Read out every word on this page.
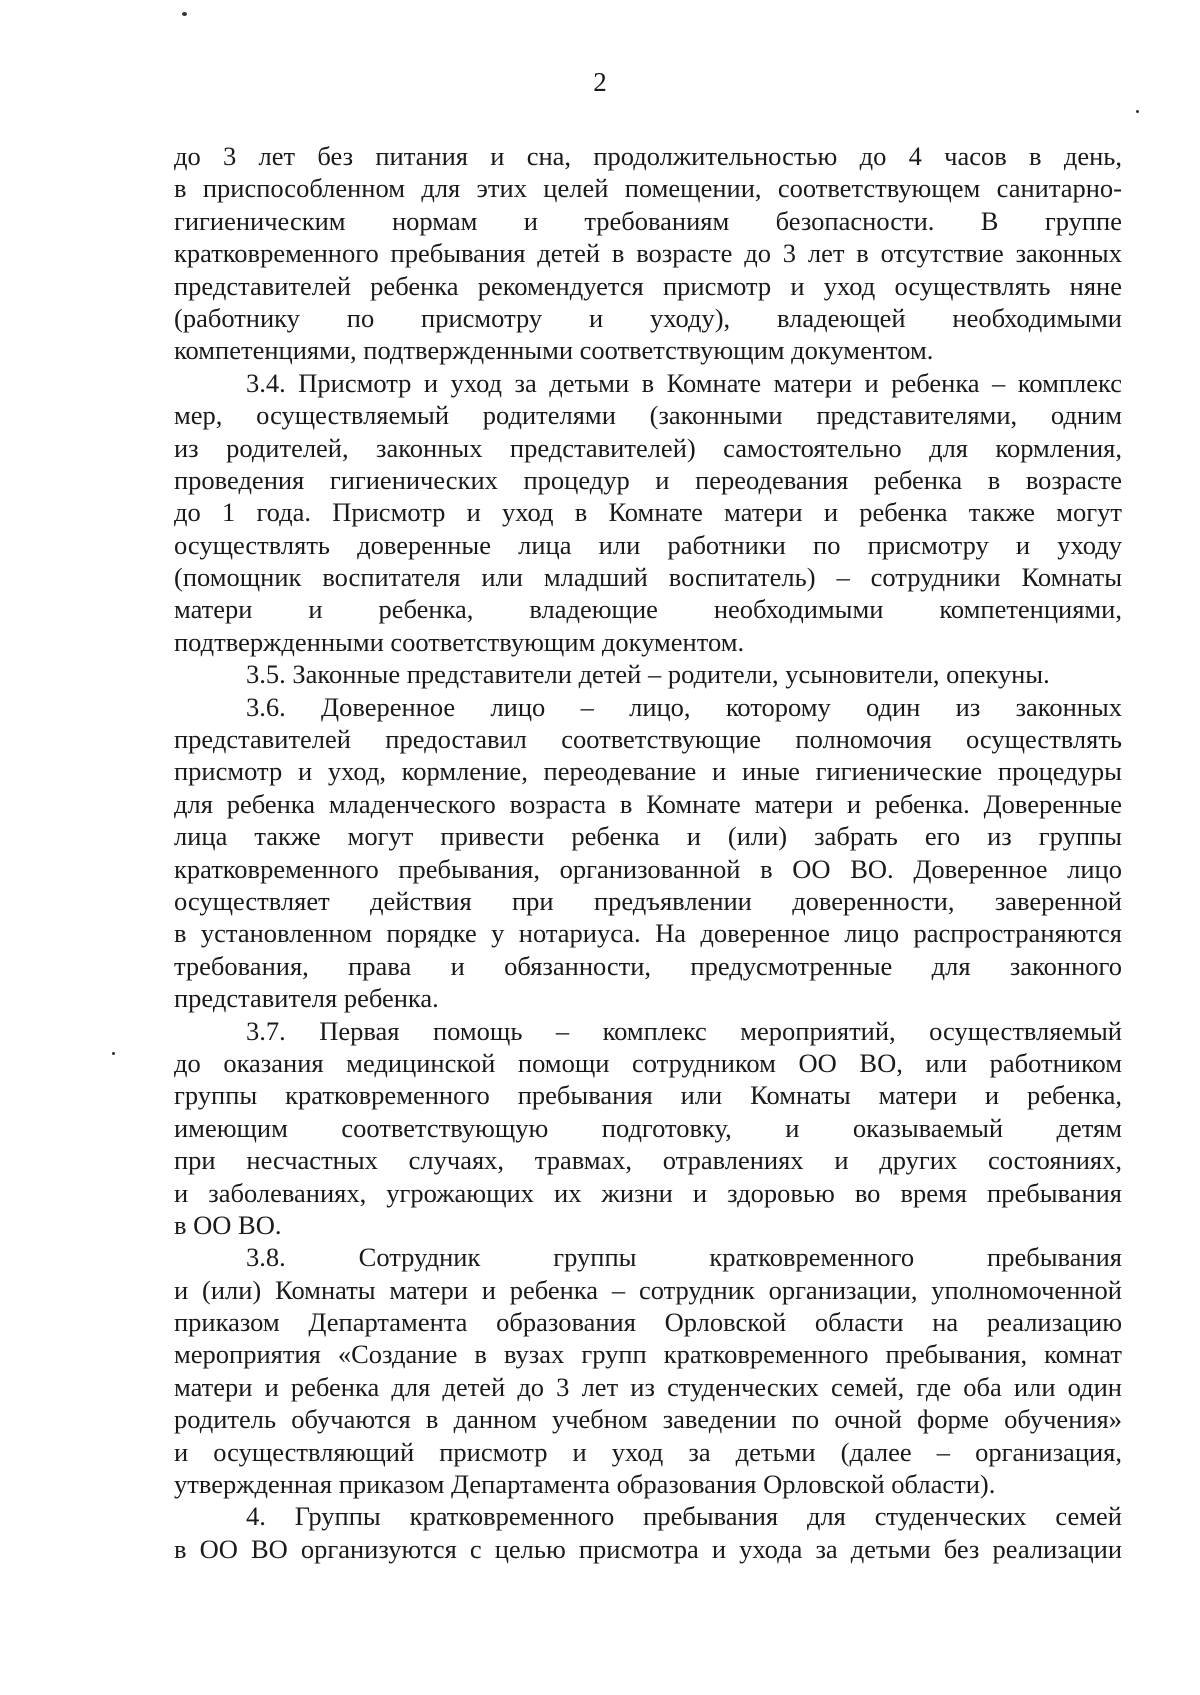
2
до 3 лет без питания и сна, продолжительностью до 4 часов в день,
в приспособленном для этих целей помещении, соответствующем санитарно-
гигиеническим нормам и требованиям безопасности. В группе
кратковременного пребывания детей в возрасте до 3 лет в отсутствие законных
представителей ребенка рекомендуется присмотр и уход осуществлять няне
(работнику по присмотру и уходу), владеющей необходимыми
компетенциями, подтвержденными соответствующим документом.
3.4. Присмотр и уход за детьми в Комнате матери и ребенка – комплекс
мер, осуществляемый родителями (законными представителями, одним
из родителей, законных представителей) самостоятельно для кормления,
проведения гигиенических процедур и переодевания ребенка в возрасте
до 1 года. Присмотр и уход в Комнате матери и ребенка также могут
осуществлять доверенные лица или работники по присмотру и уходу
(помощник воспитателя или младший воспитатель) – сотрудники Комнаты
матери и ребенка, владеющие необходимыми компетенциями,
подтвержденными соответствующим документом.
3.5. Законные представители детей – родители, усыновители, опекуны.
3.6. Доверенное лицо – лицо, которому один из законных
представителей предоставил соответствующие полномочия осуществлять
присмотр и уход, кормление, переодевание и иные гигиенические процедуры
для ребенка младенческого возраста в Комнате матери и ребенка. Доверенные
лица также могут привести ребенка и (или) забрать его из группы
кратковременного пребывания, организованной в ОО ВО. Доверенное лицо
осуществляет действия при предъявлении доверенности, заверенной
в установленном порядке у нотариуса. На доверенное лицо распространяются
требования, права и обязанности, предусмотренные для законного
представителя ребенка.
3.7. Первая помощь – комплекс мероприятий, осуществляемый
до оказания медицинской помощи сотрудником ОО ВО, или работником
группы кратковременного пребывания или Комнаты матери и ребенка,
имеющим соответствующую подготовку, и оказываемый детям
при несчастных случаях, травмах, отравлениях и других состояниях,
и заболеваниях, угрожающих их жизни и здоровью во время пребывания
в ОО ВО.
3.8. Сотрудник группы кратковременного пребывания
и (или) Комнаты матери и ребенка – сотрудник организации, уполномоченной
приказом Департамента образования Орловской области на реализацию
мероприятия «Создание в вузах групп кратковременного пребывания, комнат
матери и ребенка для детей до 3 лет из студенческих семей, где оба или один
родитель обучаются в данном учебном заведении по очной форме обучения»
и осуществляющий присмотр и уход за детьми (далее – организация,
утвержденная приказом Департамента образования Орловской области).
4. Группы кратковременного пребывания для студенческих семей
в ОО ВО организуются с целью присмотра и ухода за детьми без реализации
